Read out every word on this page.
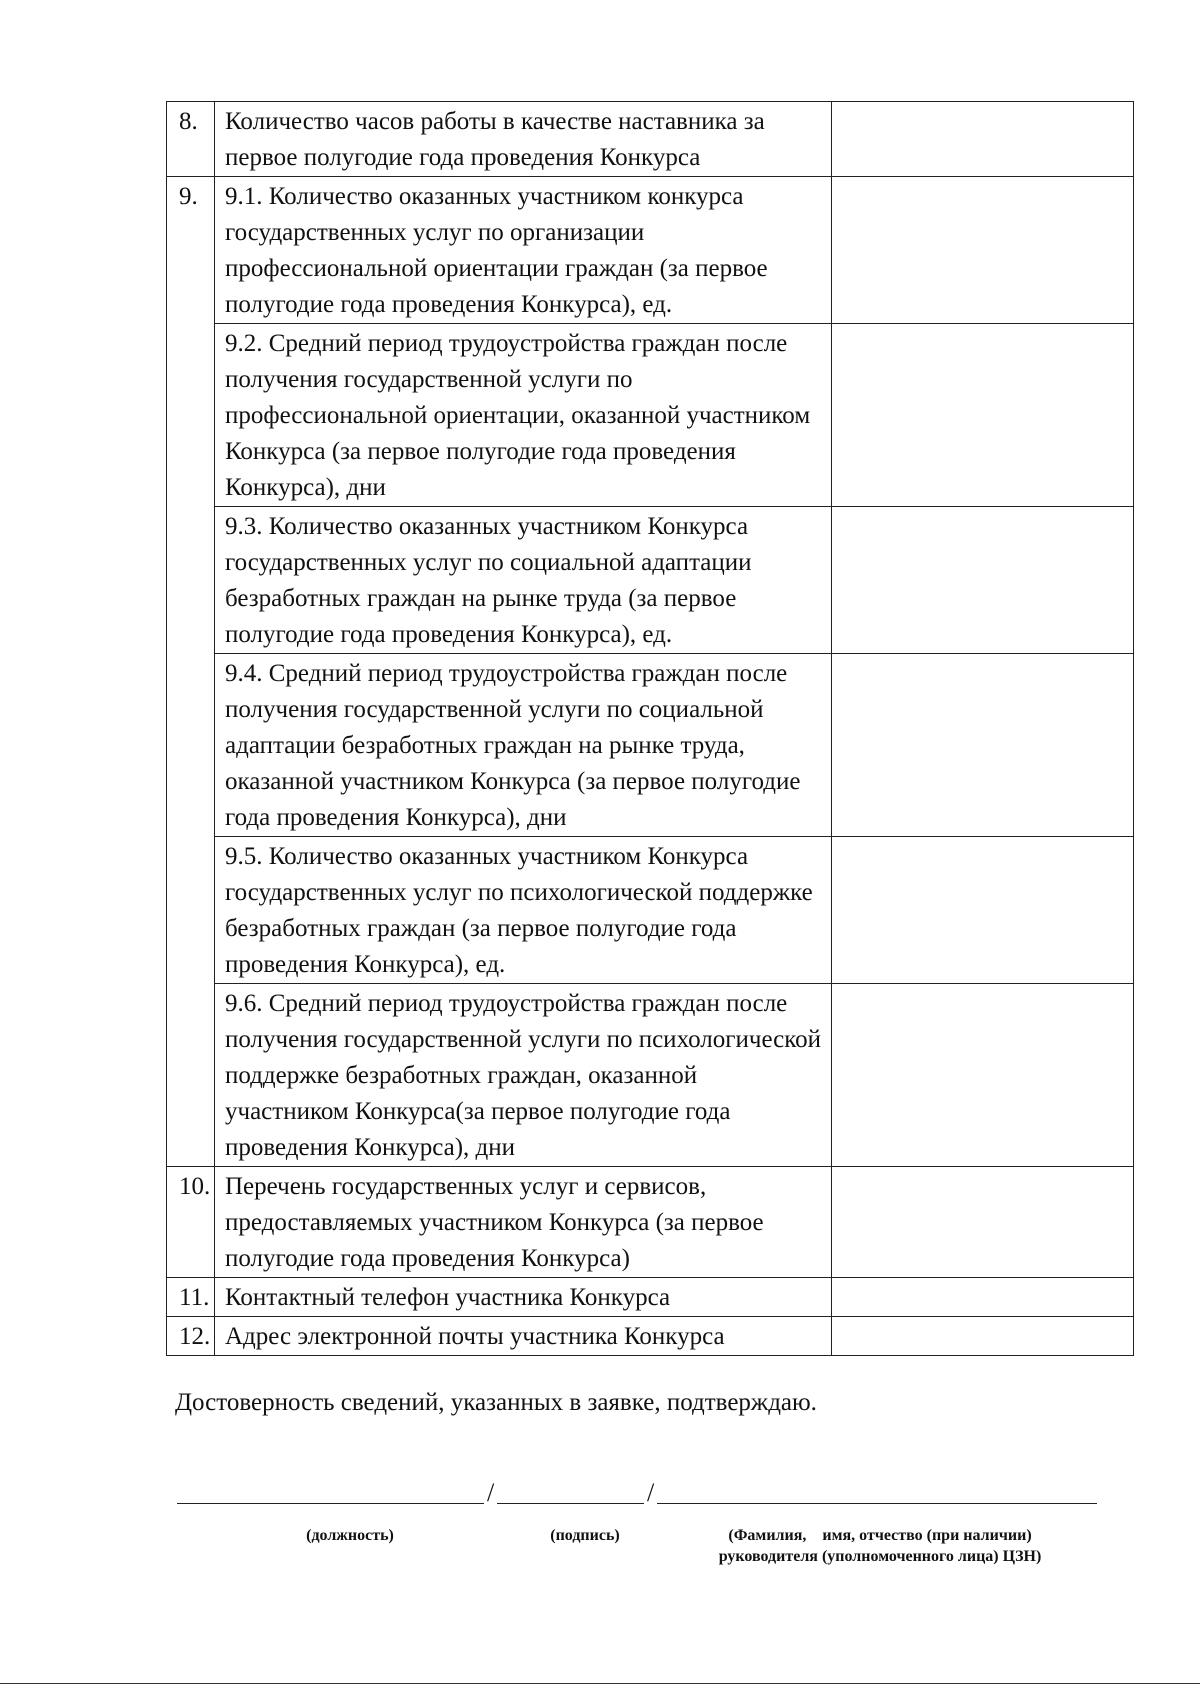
8.	Количество часов работы в качестве наставника за первое полугодие года проведения Конкурса	
9.	9.1. Количество оказанных участником конкурса государственных услуг по организации профессиональной ориентации граждан (за первое полугодие года проведения Конкурса), ед.	
	9.2. Средний период трудоустройства граждан после получения государственной услуги по профессиональной ориентации, оказанной участником Конкурса (за первое полугодие года проведения Конкурса), дни	
	9.3. Количество оказанных участником Конкурса государственных услуг по социальной адаптации безработных граждан на рынке труда (за первое полугодие года проведения Конкурса), ед.	
	9.4. Средний период трудоустройства граждан после получения государственной услуги по социальной адаптации безработных граждан на рынке труда, оказанной участником Конкурса (за первое полугодие года проведения Конкурса), дни	
	9.5. Количество оказанных участником Конкурса государственных услуг по психологической поддержке безработных граждан (за первое полугодие года проведения Конкурса), ед.	
	9.6. Средний период трудоустройства граждан после получения государственной услуги по психологической поддержке безработных граждан, оказанной участником Конкурса(за первое полугодие года проведения Конкурса), дни	
10.	Перечень государственных услуг и сервисов, предоставляемых участником Конкурса (за первое полугодие года проведения Конкурса)	
11.	Контактный телефон участника Конкурса	
12.	Адрес электронной почты участника Конкурса	
Достоверность сведений, указанных в заявке, подтверждаю.
/	/
(должность)	(подпись)	(Фамилия,    имя, отчество (при наличии)
руководителя (уполномоченного лица) ЦЗН)
